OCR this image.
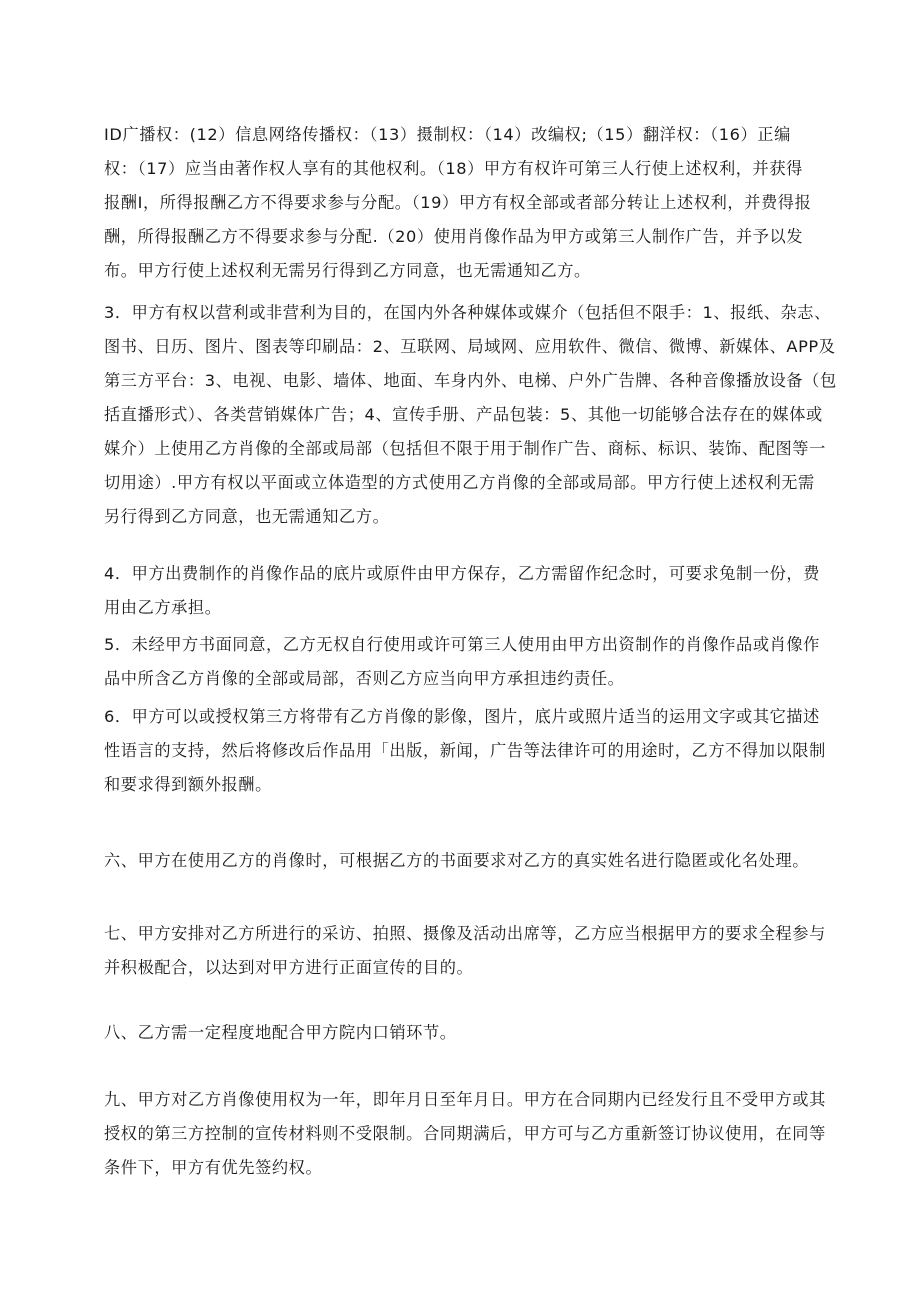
ID广播权：(12）信息网络传播权：（13）摄制权：（14）改编权;（15）翻洋权：（16）正编
权：（17）应当由著作权人享有的其他权利。（18）甲方有权许可第三人行使上述权利，并获得
报酬I，所得报酬乙方不得要求参与分配。（19）甲方有权全部或者部分转让上述权利，并费得报
酬，所得报酬乙方不得要求参与分配.（20）使用肖像作品为甲方或第三人制作广告，并予以发
布。甲方行使上述权利无需另行得到乙方同意，也无需通知乙方。

3．甲方有权以营利或非营利为目的，在国内外各种媒体或媒介（包括但不限手：1、报纸、杂志、
图书、日历、图片、图表等印刷品：2、互联网、局域网、应用软件、微信、微博、新媒体、APP及
第三方平台：3、电视、电影、墙体、地面、车身内外、电梯、户外广告牌、各种音像播放设备（包
括直播形式）、各类营销媒体广告；4、宣传手册、产品包装：5、其他一切能够合法存在的媒体或
媒介）上使用乙方肖像的全部或局部（包括但不限于用于制作广告、商标、标识、装饰、配图等一
切用途）.甲方有权以平面或立体造型的方式使用乙方肖像的全部或局部。甲方行使上述权利无需
另行得到乙方同意，也无需通知乙方。

4．甲方出费制作的肖像作品的底片或原件由甲方保存，乙方需留作纪念时，可要求兔制一份，费
用由乙方承担。

5．未经甲方书面同意，乙方无权自行使用或许可第三人使用由甲方出资制作的肖像作品或肖像作
品中所含乙方肖像的全部或局部，否则乙方应当向甲方承担违约责任。

6．甲方可以或授权第三方将带有乙方肖像的影像，图片，底片或照片适当的运用文字或其它描述
性语言的支持，然后将修改后作品用「出版，新闻，广告等法律许可的用途时，乙方不得加以限制
和要求得到额外报酬。

六、甲方在使用乙方的肖像时，可根据乙方的书面要求对乙方的真实姓名进行隐匿或化名处理。

七、甲方安排对乙方所进行的采访、拍照、摄像及活动出席等，乙方应当根据甲方的要求全程参与
并积极配合，以达到对甲方进行正面宣传的目的。

八、乙方需一定程度地配合甲方院内口销环节。

九、甲方对乙方肖像使用权为一年，即年月日至年月日。甲方在合同期内已经发行且不受甲方或其
授权的第三方控制的宣传材料则不受限制。合同期满后，甲方可与乙方重新签订协议使用，在同等
条件下，甲方有优先签约权。
